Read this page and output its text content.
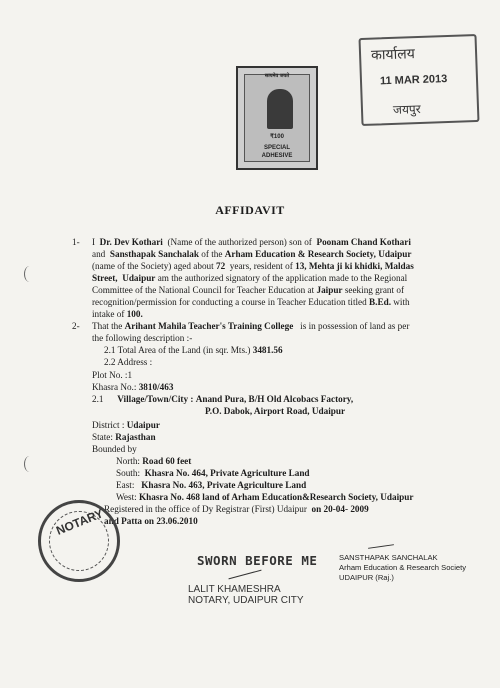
सत्यमेव जयते
₹100
SPECIAL
ADHESIVE
कार्यालय
11 MAR 2013
जयपुर
AFFIDAVIT
1- I Dr. Dev Kothari (Name of the authorized person) son of Poonam Chand Kothari
and Sansthapak Sanchalak of the Arham Education & Research Society, Udaipur
(name of the Society) aged about 72 years, resident of 13, Mehta ji ki khidki, Maldas
Street, Udaipur am the authorized signatory of the application made to the Regional
Committee of the National Council for Teacher Education at Jaipur seeking grant of
recognition/permission for conducting a course in Teacher Education titled B.Ed. with
intake of 100.
2- That the Arihant Mahila Teacher's Training College is in possession of land as per
the following description :-
2.1 Total Area of the Land (in sqr. Mts.) 3481.56
2.2 Address :
Plot No. :1
Khasra No.: 3810/463
2.1 Village/Town/City : Anand Pura, B/H Old Alcobacs Factory,
P.O. Dabok, Airport Road, Udaipur
District : Udaipur
State: Rajasthan
Bounded by
North: Road 60 feet
South: Khasra No. 464, Private Agriculture Land
East: Khasra No. 463, Private Agriculture Land
West: Khasra No. 468 land of Arham Education&Research Society, Udaipur
Registered in the office of Dy Registrar (First) Udaipur on 20-04- 2009
and Patta on 23.06.2010
NOTARY
SWORN BEFORE ME
LALIT KHAMESHRA
NOTARY, UDAIPUR CITY
SANSTHAPAK SANCHALAK
Arham Education & Research Society
UDAIPUR (Raj.)
